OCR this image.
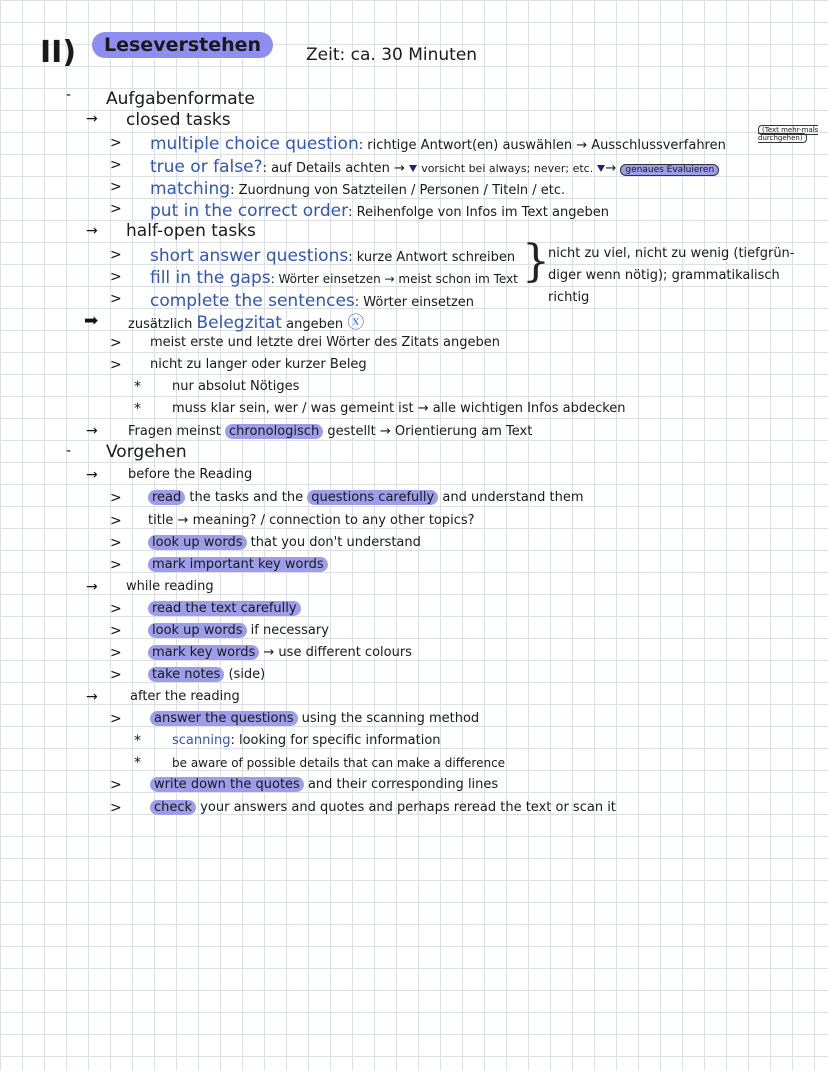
II)	Leseverstehen	Zeit: ca. 30 Minuten
- Aufgabenformate
→ closed tasks
> multiple choice question: richtige Antwort(en) auswählen → Ausschlussverfahren
(Text mehr-mals durchgehen)
> true or false?: auf Details achten → vorsicht bei always; never; etc. → genaues Evaluieren
> matching: Zuordnung von Satzteilen / Personen / Titeln / etc.
> put in the correct order: Reihenfolge von Infos im Text angeben
→ half-open tasks
> short answer questions: kurze Antwort schreiben
> fill in the gaps: Wörter einsetzen → meist schon im Text
> complete the sentences: Wörter einsetzen
}
nicht zu viel, nicht zu wenig (tiefgrün-
diger wenn nötig); grammatikalisch
richtig
➡ zusätzlich Belegzitat angeben ⓧ
> meist erste und letzte drei Wörter des Zitats angeben
> nicht zu langer oder kurzer Beleg
* nur absolut Nötiges
* muss klar sein, wer / was gemeint ist → alle wichtigen Infos abdecken
→ Fragen meinst chronologisch gestellt → Orientierung am Text
- Vorgehen
→ before the Reading
>	read the tasks and the questions carefully and understand them
> title → meaning? / connection to any other topics?
>	look up words that you don't understand
>	mark important key words
→ while reading
>	read the text carefully
>	look up words if necessary
>	mark key words → use different colours
>	take notes (side)
→ after the reading
>	answer the questions using the scanning method
* scanning: looking for specific information
*	be aware of possible details that can make a difference
>	write down the quotes and their corresponding lines
>	check your answers and quotes and perhaps reread the text or scan it
